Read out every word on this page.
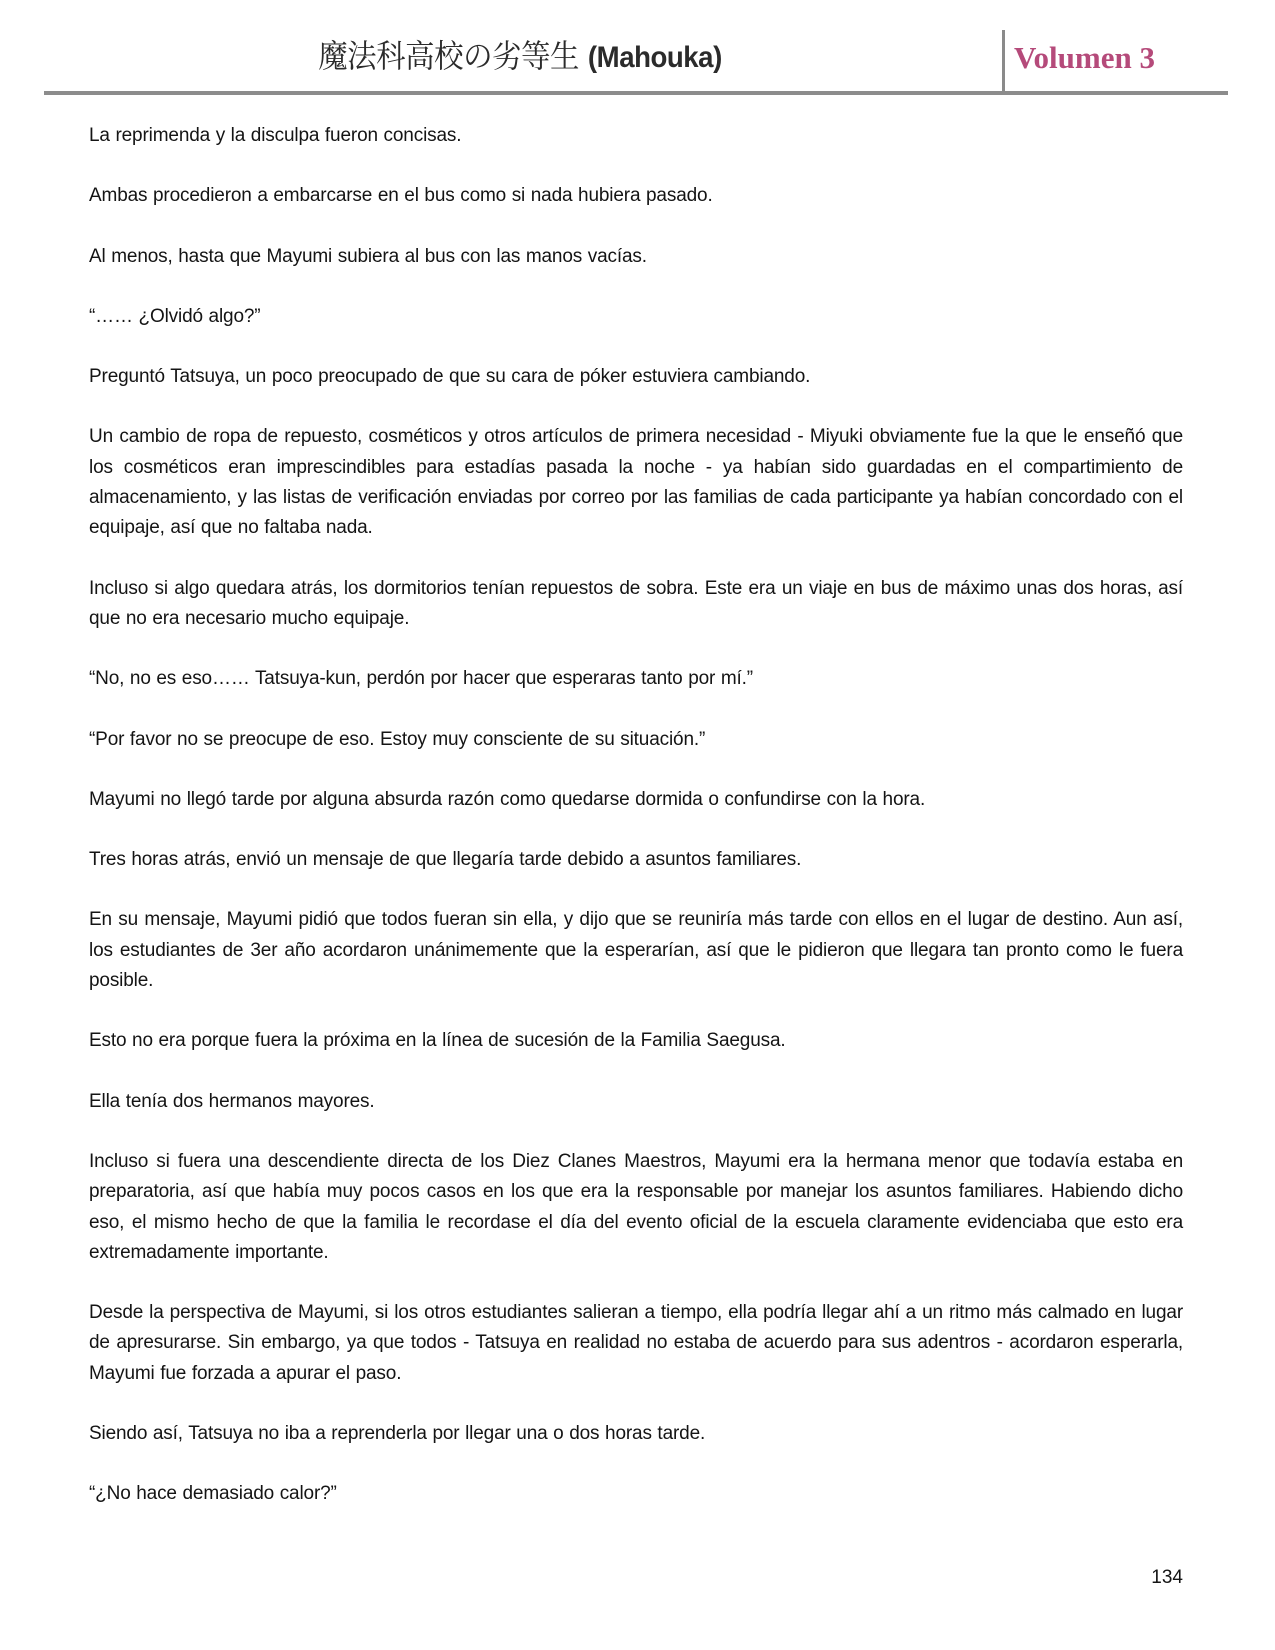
魔法科高校の劣等生 (Mahouka)	Volumen 3

La reprimenda y la disculpa fueron concisas.

Ambas procedieron a embarcarse en el bus como si nada hubiera pasado.

Al menos, hasta que Mayumi subiera al bus con las manos vacías.

“…… ¿Olvidó algo?”

Preguntó Tatsuya, un poco preocupado de que su cara de póker estuviera cambiando.

Un cambio de ropa de repuesto, cosméticos y otros artículos de primera necesidad - Miyuki obviamente fue la que le enseñó que los cosméticos eran imprescindibles para estadías pasada la noche - ya habían sido guardadas en el compartimiento de almacenamiento, y las listas de verificación enviadas por correo por las familias de cada participante ya habían concordado con el equipaje, así que no faltaba nada.

Incluso si algo quedara atrás, los dormitorios tenían repuestos de sobra. Este era un viaje en bus de máximo unas dos horas, así que no era necesario mucho equipaje.

“No, no es eso…… Tatsuya-kun, perdón por hacer que esperaras tanto por mí.”

“Por favor no se preocupe de eso. Estoy muy consciente de su situación.”

Mayumi no llegó tarde por alguna absurda razón como quedarse dormida o confundirse con la hora.

Tres horas atrás, envió un mensaje de que llegaría tarde debido a asuntos familiares.

En su mensaje, Mayumi pidió que todos fueran sin ella, y dijo que se reuniría más tarde con ellos en el lugar de destino. Aun así, los estudiantes de 3er año acordaron unánimemente que la esperarían, así que le pidieron que llegara tan pronto como le fuera posible.

Esto no era porque fuera la próxima en la línea de sucesión de la Familia Saegusa.

Ella tenía dos hermanos mayores.

Incluso si fuera una descendiente directa de los Diez Clanes Maestros, Mayumi era la hermana menor que todavía estaba en preparatoria, así que había muy pocos casos en los que era la responsable por manejar los asuntos familiares. Habiendo dicho eso, el mismo hecho de que la familia le recordase el día del evento oficial de la escuela claramente evidenciaba que esto era extremadamente importante.

Desde la perspectiva de Mayumi, si los otros estudiantes salieran a tiempo, ella podría llegar ahí a un ritmo más calmado en lugar de apresurarse. Sin embargo, ya que todos - Tatsuya en realidad no estaba de acuerdo para sus adentros - acordaron esperarla, Mayumi fue forzada a apurar el paso.

Siendo así, Tatsuya no iba a reprenderla por llegar una o dos horas tarde.

“¿No hace demasiado calor?”

134
